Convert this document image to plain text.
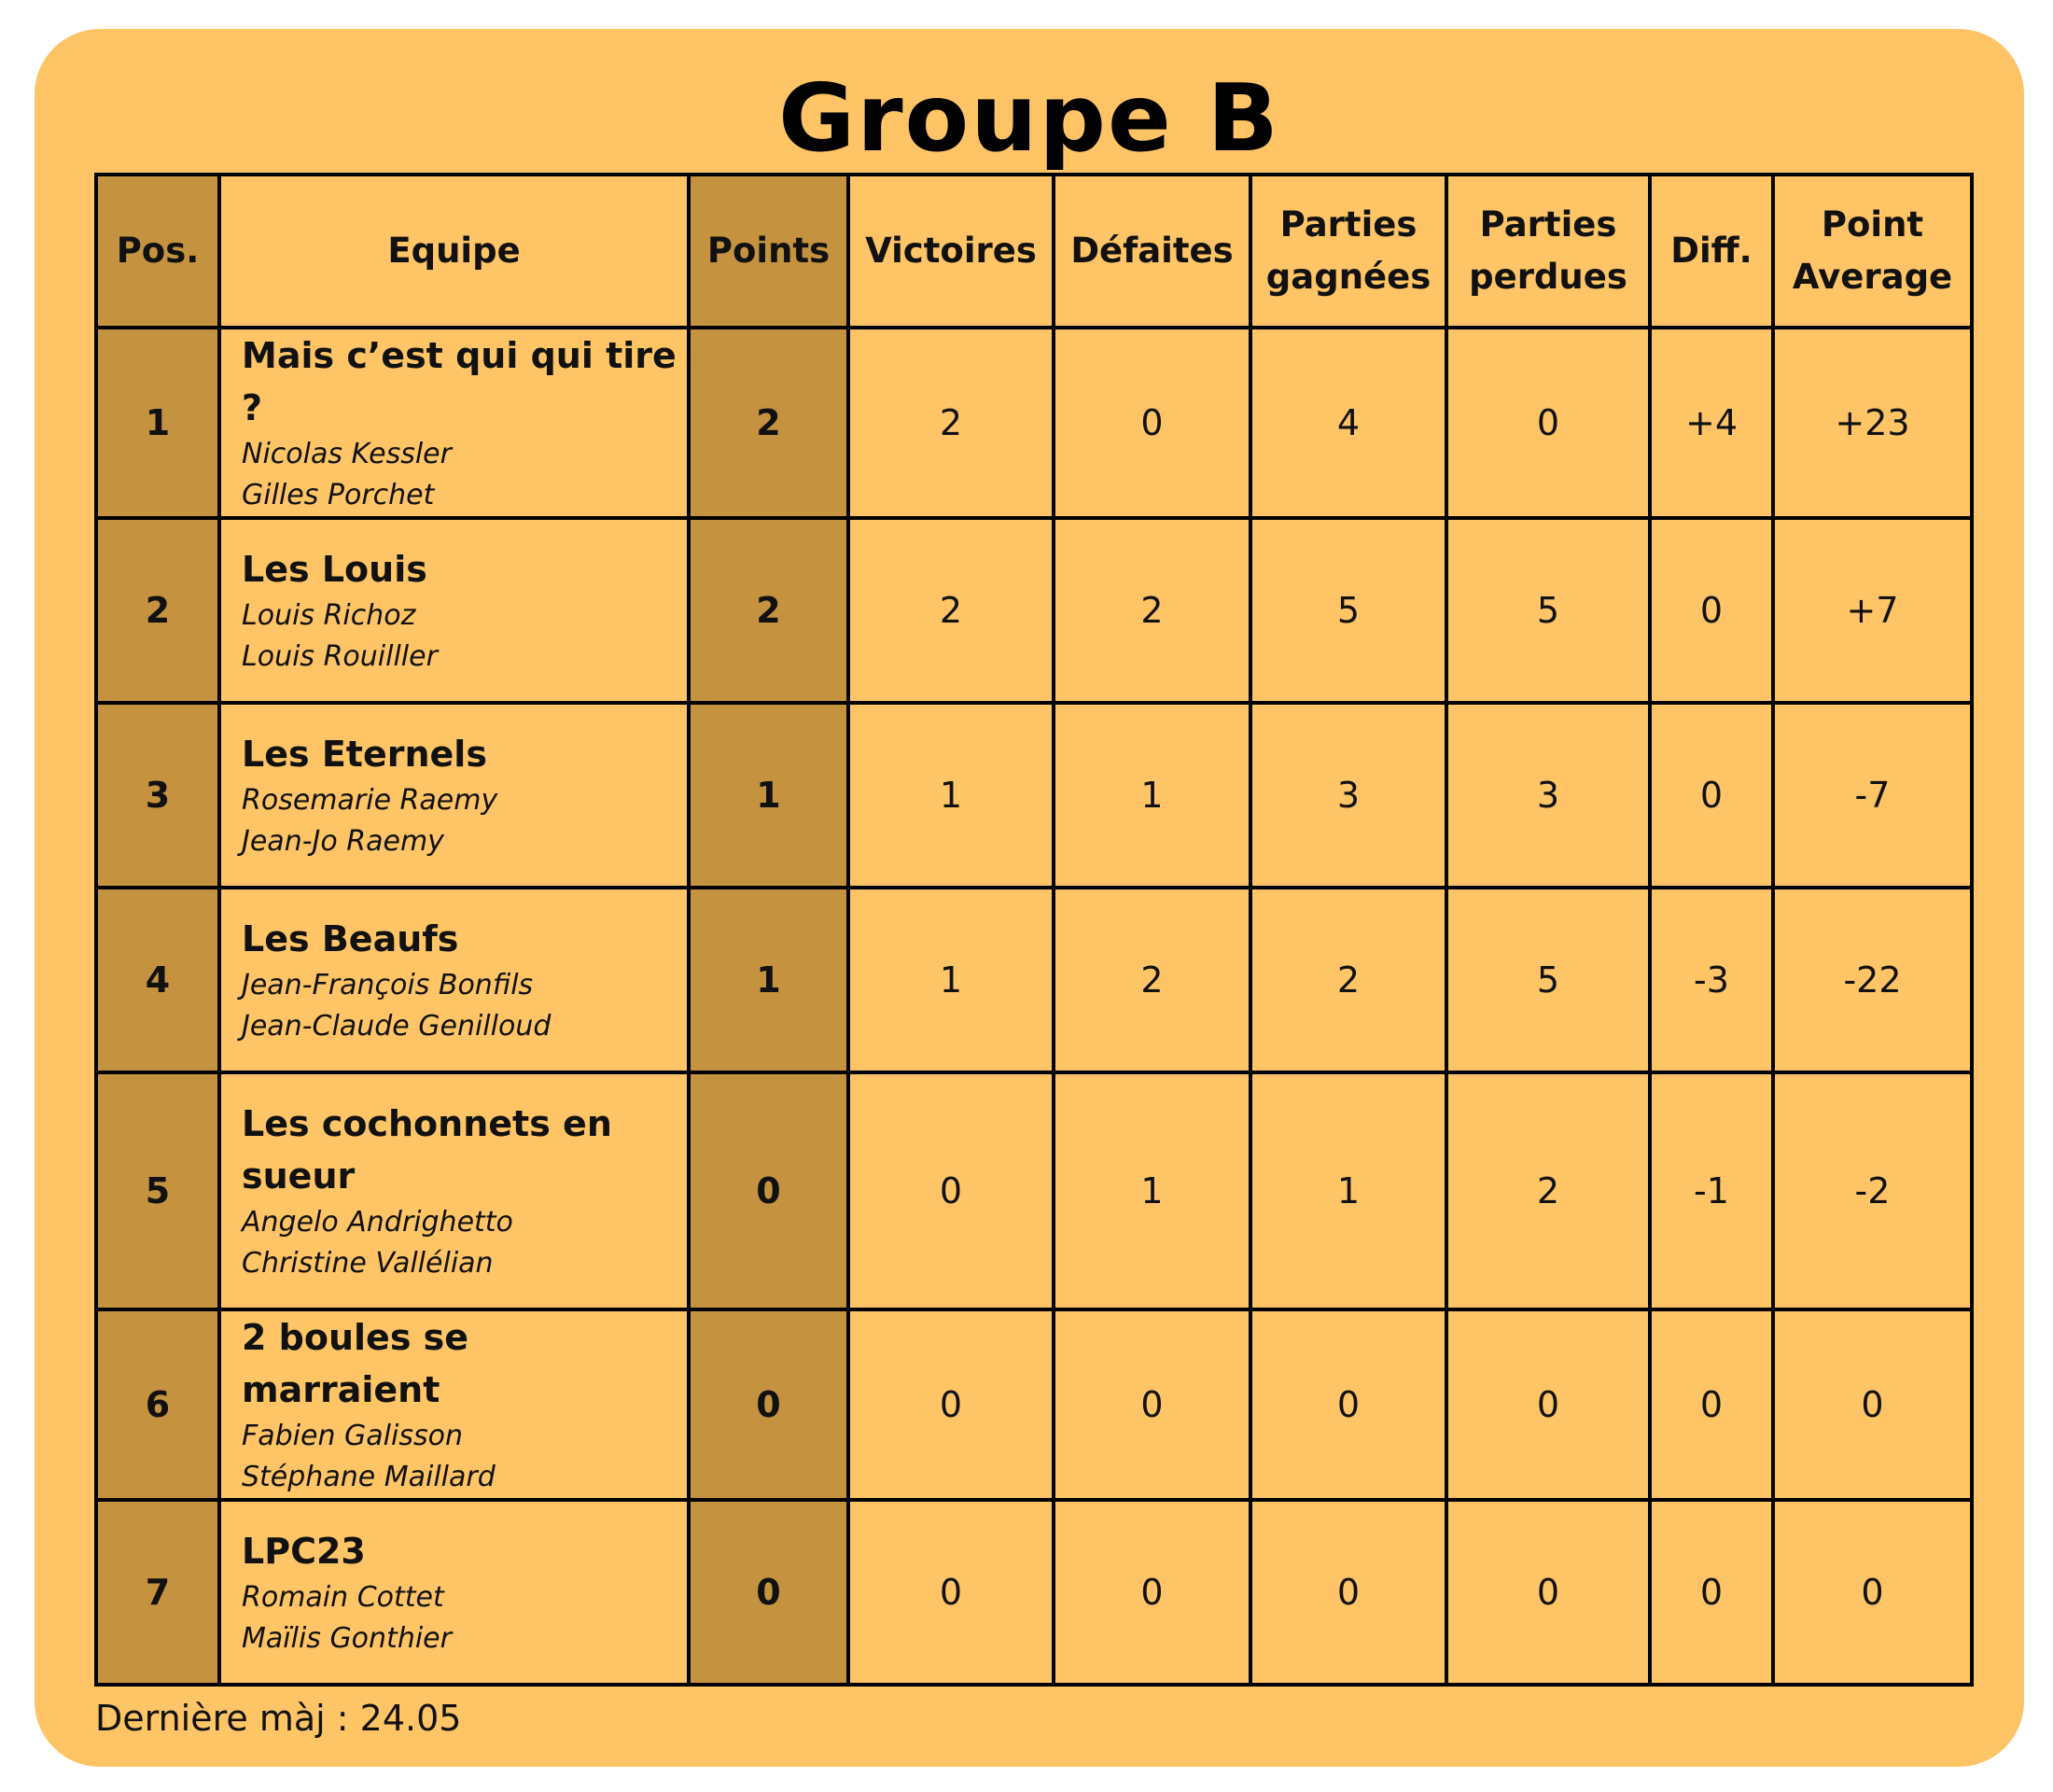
Groupe B
Pos.	Equipe	Points	Victoires	Défaites	Parties gagnées	Parties perdues	Diff.	Point Average
1	Mais c’est qui qui tire ?
Nicolas Kessler
Gilles Porchet	2	2	0	4	0	+4	+23
2	Les Louis
Louis Richoz
Louis Rouilller	2	2	2	5	5	0	+7
3	Les Eternels
Rosemarie Raemy
Jean-Jo Raemy	1	1	1	3	3	0	-7
4	Les Beaufs
Jean-François Bonfils
Jean-Claude Genilloud	1	1	2	2	5	-3	-22
5	Les cochonnets en sueur
Angelo Andrighetto
Christine Vallélian	0	0	1	1	2	-1	-2
6	2 boules se marraient
Fabien Galisson
Stéphane Maillard	0	0	0	0	0	0	0
7	LPC23
Romain Cottet
Maïlis Gonthier	0	0	0	0	0	0	0
Dernière màj : 24.05
